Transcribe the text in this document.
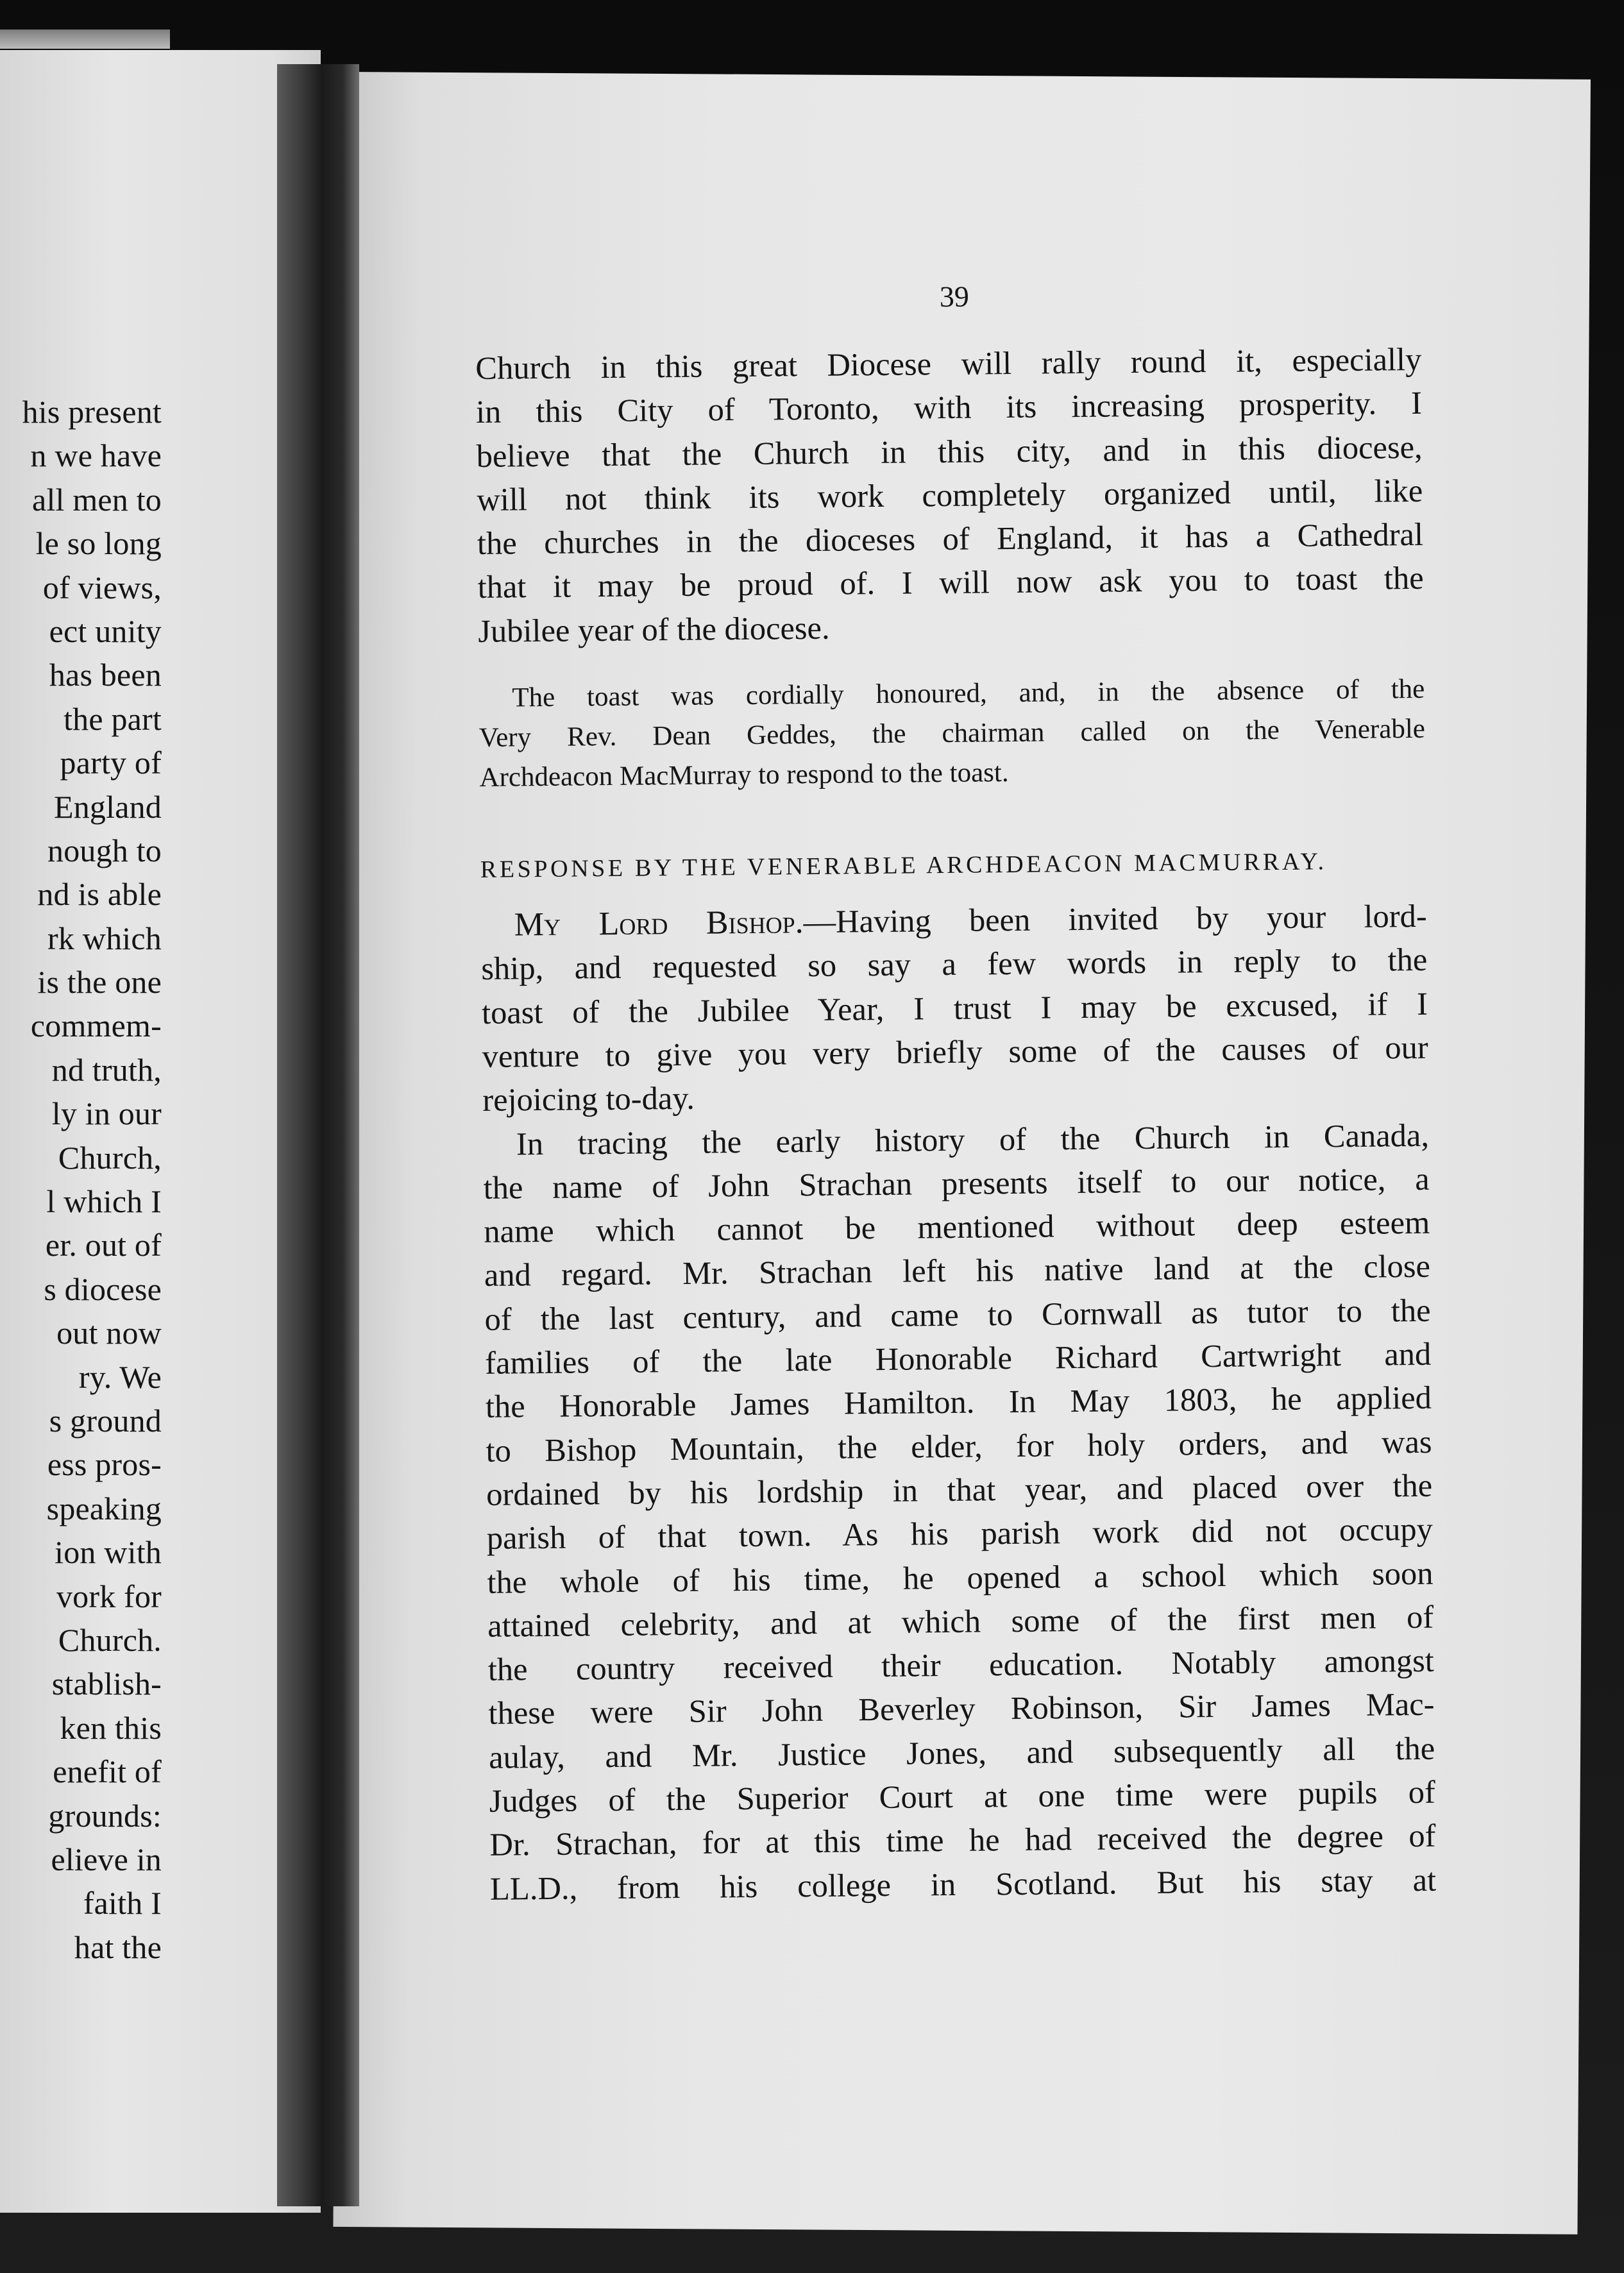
his present
n we have
all men to
le so long
of views,
ect unity
has been
the part
party of
England
nough to
nd is able
rk which
is the one
commem-
nd truth,
ly in our
Church,
l which I
er. out of
s diocese
out now
ry. We
s ground
ess pros-
speaking
ion with
vork for
Church.
stablish-
ken this
enefit of
grounds:
elieve in
faith I
hat the
39
Church in this great Diocese will rally round it, especially
in this City of Toronto, with its increasing prosperity. I
believe that the Church in this city, and in this diocese,
will not think its work completely organized until, like
the churches in the dioceses of England, it has a Cathedral
that it may be proud of. I will now ask you to toast the
Jubilee year of the diocese.
The toast was cordially honoured, and, in the absence of the
Very Rev. Dean Geddes, the chairman called on the Venerable
Archdeacon MacMurray to respond to the toast.
RESPONSE BY THE VENERABLE ARCHDEACON MACMURRAY.
My Lord Bishop.—Having been invited by your lord-
ship, and requested so say a few words in reply to the
toast of the Jubilee Year, I trust I may be excused, if I
venture to give you very briefly some of the causes of our
rejoicing to-day.
In tracing the early history of the Church in Canada,
the name of John Strachan presents itself to our notice, a
name which cannot be mentioned without deep esteem
and regard. Mr. Strachan left his native land at the close
of the last century, and came to Cornwall as tutor to the
families of the late Honorable Richard Cartwright and
the Honorable James Hamilton. In May 1803, he applied
to Bishop Mountain, the elder, for holy orders, and was
ordained by his lordship in that year, and placed over the
parish of that town. As his parish work did not occupy
the whole of his time, he opened a school which soon
attained celebrity, and at which some of the first men of
the country received their education. Notably amongst
these were Sir John Beverley Robinson, Sir James Mac-
aulay, and Mr. Justice Jones, and subsequently all the
Judges of the Superior Court at one time were pupils of
Dr. Strachan, for at this time he had received the degree of
LL.D., from his college in Scotland. But his stay at
